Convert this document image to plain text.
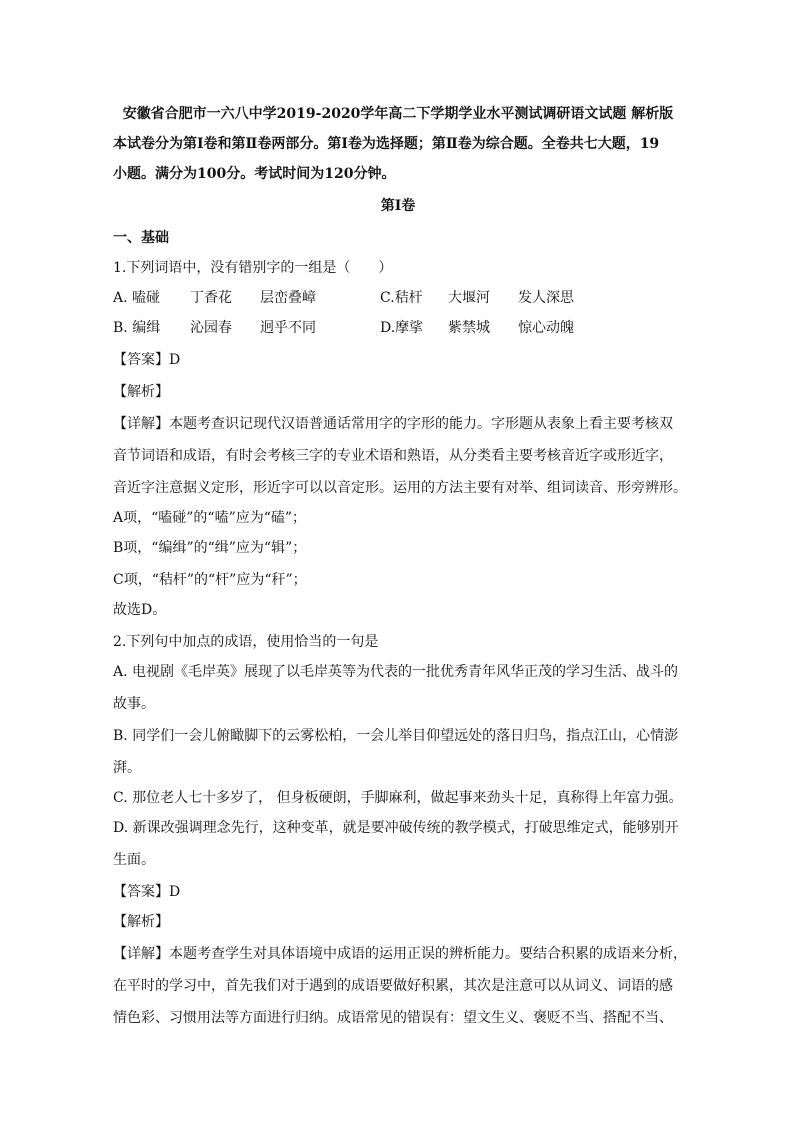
安徽省合肥市一六八中学2019-2020学年高二下学期学业水平测试调研语文试题 解析版
本试卷分为第Ⅰ卷和第Ⅱ卷两部分。第Ⅰ卷为选择题；第Ⅱ卷为综合题。全卷共七大题，19
小题。满分为100分。考试时间为120分钟。
第Ⅰ卷
一、基础
1.下列词语中，没有错别字的一组是（　　）
A. 嗑碰 丁香花 层峦叠嶂	C.秸杆 大堰河 发人深思
B. 编缉 沁园春 迥乎不同	D.摩挲 紫禁城 惊心动魄
【答案】D
【解析】
【详解】本题考查识记现代汉语普通话常用字的字形的能力。字形题从表象上看主要考核双
音节词语和成语，有时会考核三字的专业术语和熟语，从分类看主要考核音近字或形近字，
音近字注意据义定形，形近字可以以音定形。运用的方法主要有对举、组词读音、形旁辨形。
A项，“嗑碰”的“嗑”应为“磕”；
B项，“编缉”的“缉”应为“辑”；
C项，“秸杆”的“杆”应为“秆”；
故选D。
2.下列句中加点的成语，使用恰当的一句是
A. 电视剧《毛岸英》展现了以毛岸英等为代表的一批优秀青年风华正茂的学习生活、战斗的
故事。
B. 同学们一会儿俯瞰脚下的云雾松柏，一会儿举目仰望远处的落日归鸟，指点江山，心情澎
湃。
C. 那位老人七十多岁了， 但身板硬朗，手脚麻利，做起事来劲头十足，真称得上年富力强。
D. 新课改强调理念先行，这种变革，就是要冲破传统的教学模式，打破思维定式，能够别开
生面。
【答案】D
【解析】
【详解】本题考查学生对具体语境中成语的运用正误的辨析能力。要结合积累的成语来分析，
在平时的学习中，首先我们对于遇到的成语要做好积累，其次是注意可以从词义、词语的感
情色彩、习惯用法等方面进行归纳。成语常见的错误有：望文生义、褒贬不当、搭配不当、
